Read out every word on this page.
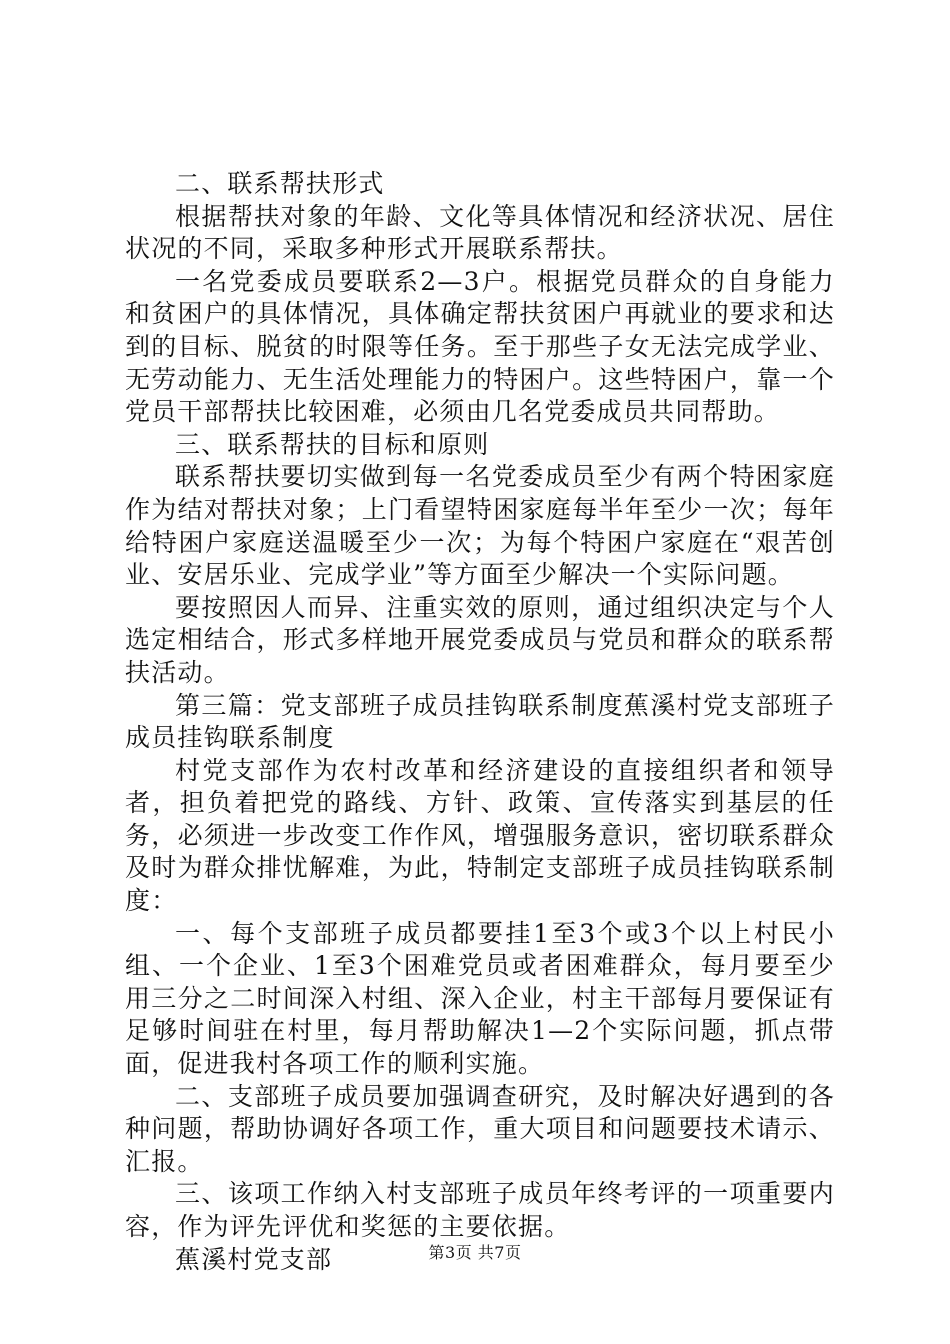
二、联系帮扶形式

根据帮扶对象的年龄、文化等具体情况和经济状况、居住状况的不同，采取多种形式开展联系帮扶。

一名党委成员要联系2—3户。根据党员群众的自身能力和贫困户的具体情况，具体确定帮扶贫困户再就业的要求和达到的目标、脱贫的时限等任务。至于那些子女无法完成学业、无劳动能力、无生活处理能力的特困户。这些特困户，靠一个党员干部帮扶比较困难，必须由几名党委成员共同帮助。

三、联系帮扶的目标和原则

联系帮扶要切实做到每一名党委成员至少有两个特困家庭作为结对帮扶对象；上门看望特困家庭每半年至少一次；每年给特困户家庭送温暖至少一次；为每个特困户家庭在“艰苦创业、安居乐业、完成学业”等方面至少解决一个实际问题。

要按照因人而异、注重实效的原则，通过组织决定与个人选定相结合，形式多样地开展党委成员与党员和群众的联系帮扶活动。

第三篇：党支部班子成员挂钩联系制度蕉溪村党支部班子成员挂钩联系制度

村党支部作为农村改革和经济建设的直接组织者和领导者，担负着把党的路线、方针、政策、宣传落实到基层的任务，必须进一步改变工作作风，增强服务意识，密切联系群众及时为群众排忧解难，为此，特制定支部班子成员挂钩联系制度：

一、每个支部班子成员都要挂1至3个或3个以上村民小组、一个企业、1至3个困难党员或者困难群众，每月要至少用三分之二时间深入村组、深入企业，村主干部每月要保证有足够时间驻在村里，每月帮助解决1—2个实际问题，抓点带面，促进我村各项工作的顺利实施。

二、支部班子成员要加强调查研究，及时解决好遇到的各种问题，帮助协调好各项工作，重大项目和问题要技术请示、汇报。

三、该项工作纳入村支部班子成员年终考评的一项重要内容，作为评先评优和奖惩的主要依据。

蕉溪村党支部	第3页 共7页
